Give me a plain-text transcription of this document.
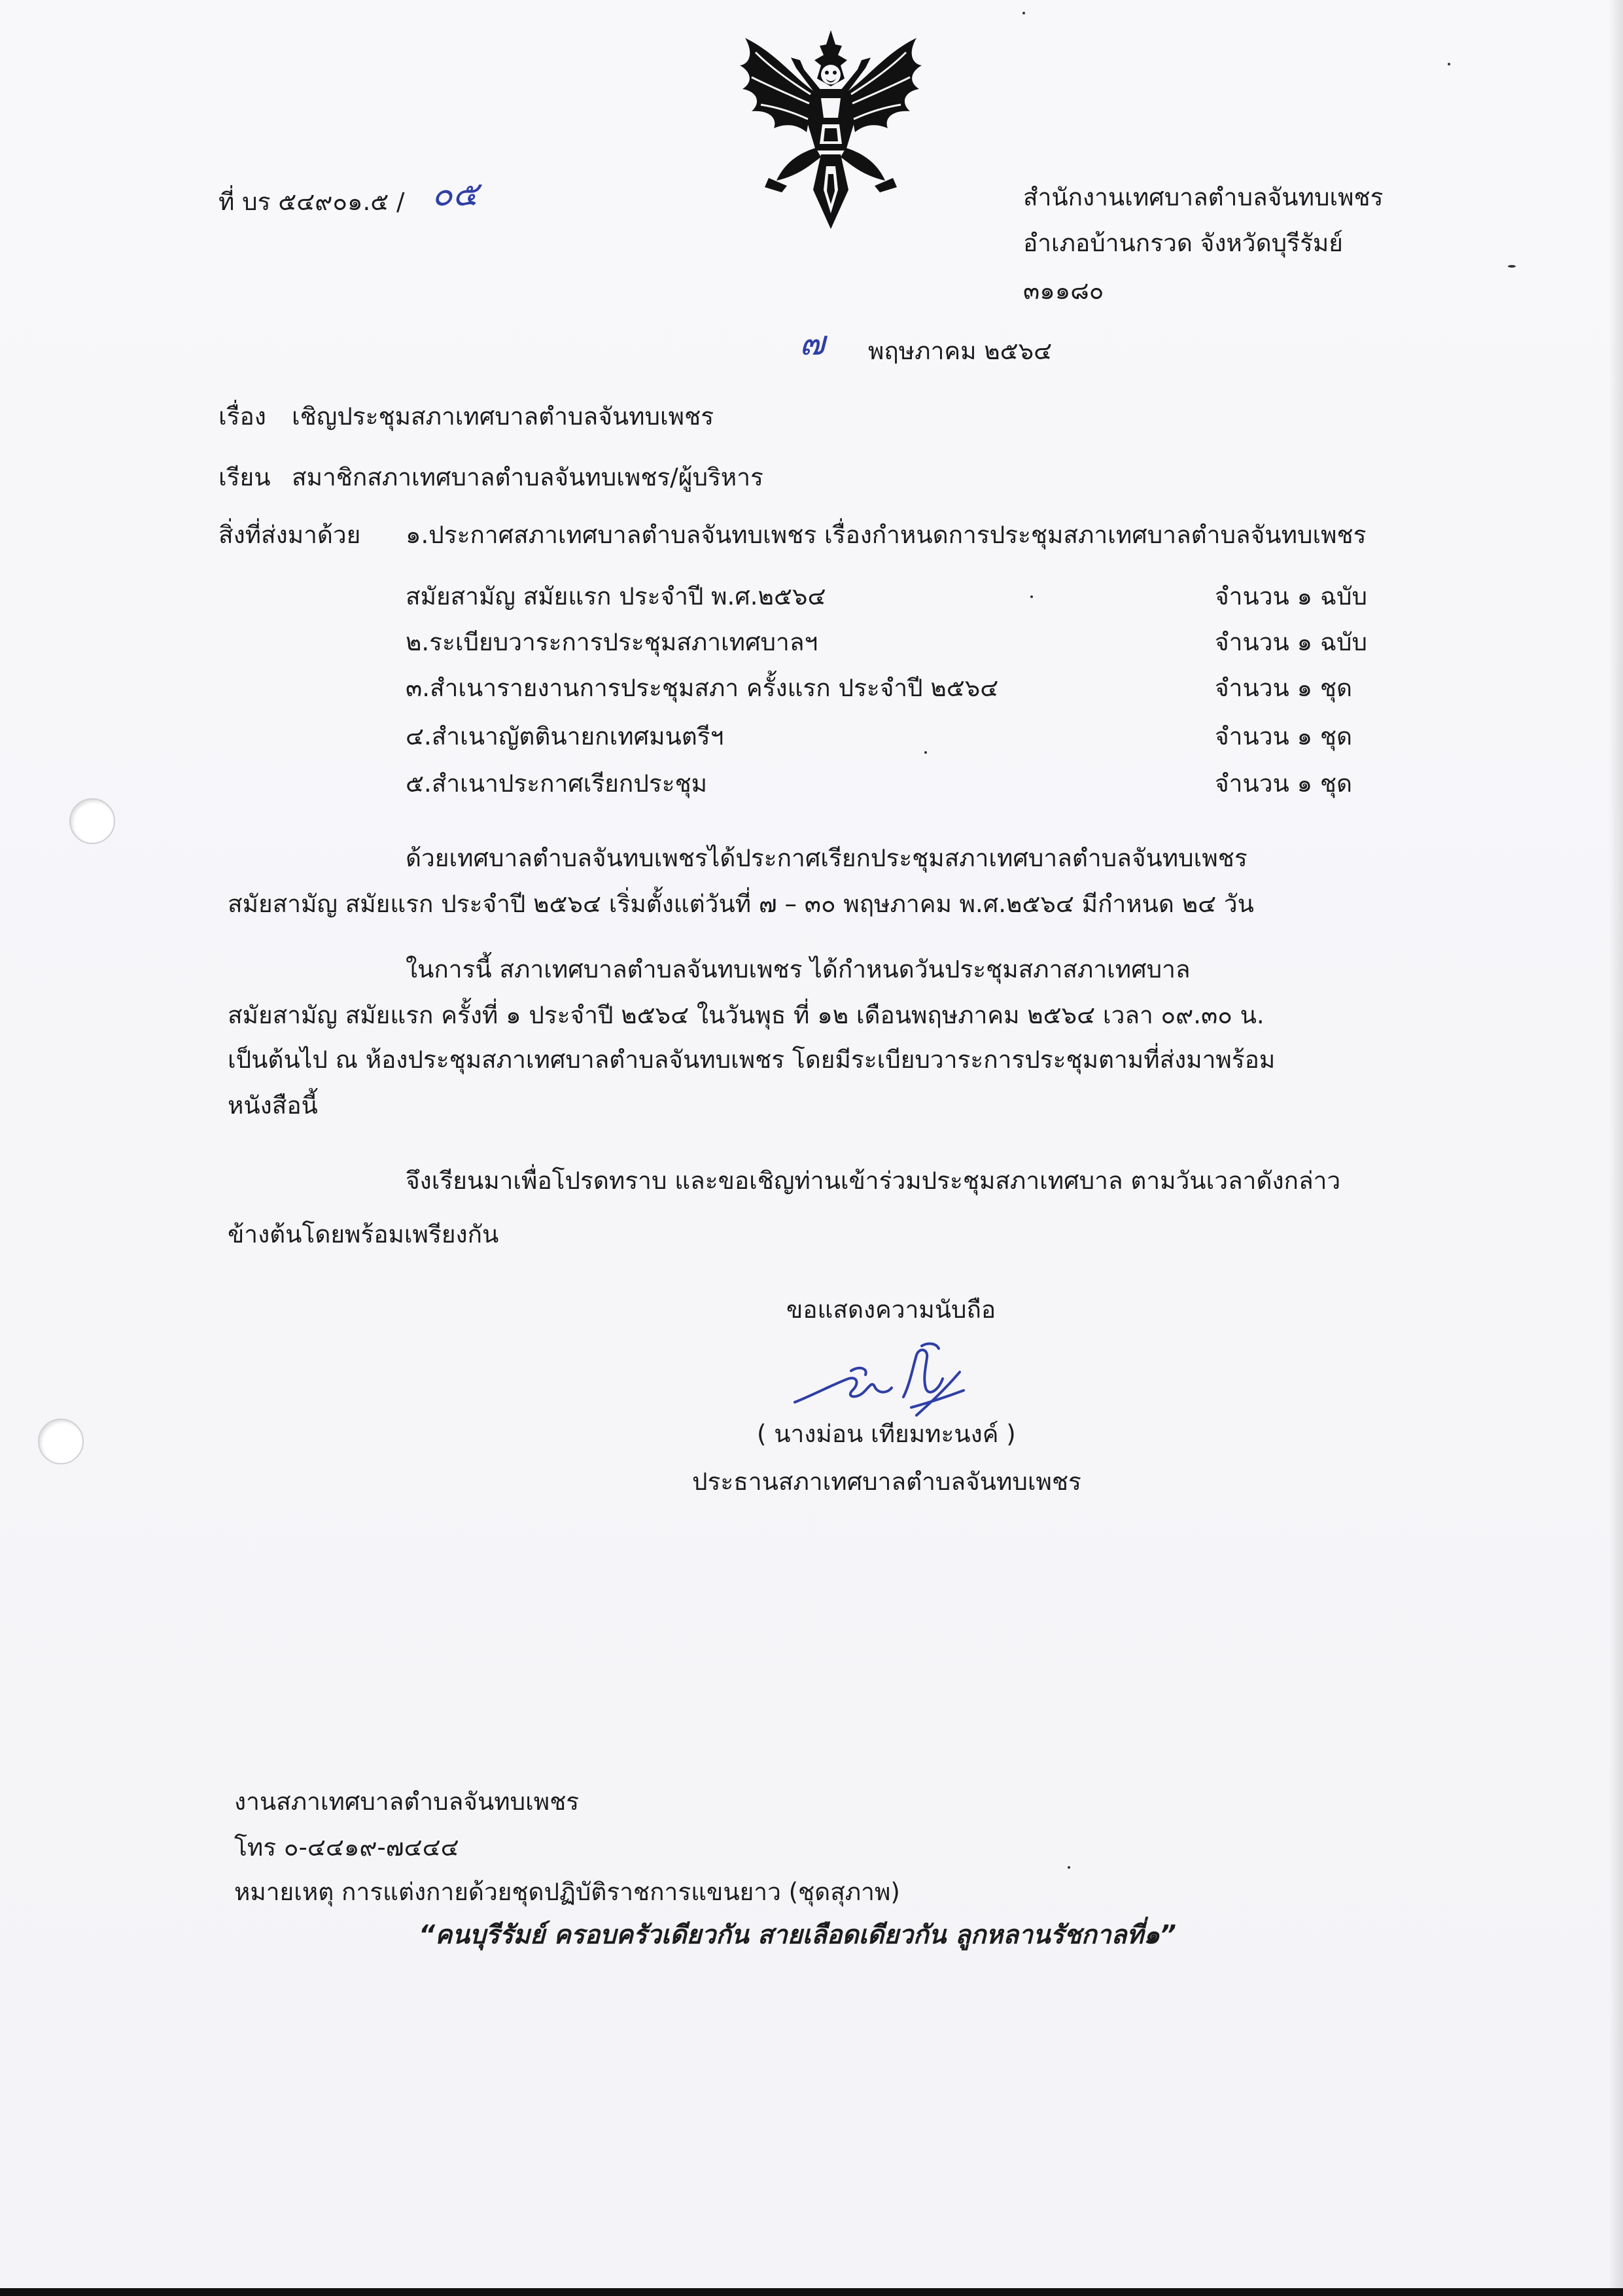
ที่ บร ๕๔๙๐๑.๕ / ๐๕	สำนักงานเทศบาลตำบลจันทบเพชร
อำเภอบ้านกรวด จังหวัดบุรีรัมย์
๓๑๑๘๐
๗ พฤษภาคม ๒๕๖๔
เรื่อง เชิญประชุมสภาเทศบาลตำบลจันทบเพชร
เรียน สมาชิกสภาเทศบาลตำบลจันทบเพชร/ผู้บริหาร
สิ่งที่ส่งมาด้วย ๑.ประกาศสภาเทศบาลตำบลจันทบเพชร เรื่องกำหนดการประชุมสภาเทศบาลตำบลจันทบเพชร
สมัยสามัญ สมัยแรก ประจำปี พ.ศ.๒๕๖๔	จำนวน ๑ ฉบับ
๒.ระเบียบวาระการประชุมสภาเทศบาลฯ	จำนวน ๑ ฉบับ
๓.สำเนารายงานการประชุมสภา ครั้งแรก ประจำปี ๒๕๖๔	จำนวน ๑ ชุด
๔.สำเนาญัตตินายกเทศมนตรีฯ	จำนวน ๑ ชุด
๕.สำเนาประกาศเรียกประชุม	จำนวน ๑ ชุด
ด้วยเทศบาลตำบลจันทบเพชรได้ประกาศเรียกประชุมสภาเทศบาลตำบลจันทบเพชร
สมัยสามัญ สมัยแรก ประจำปี ๒๕๖๔ เริ่มตั้งแต่วันที่ ๗ – ๓๐ พฤษภาคม พ.ศ.๒๕๖๔ มีกำหนด ๒๔ วัน
ในการนี้ สภาเทศบาลตำบลจันทบเพชร ได้กำหนดวันประชุมสภาสภาเทศบาล
สมัยสามัญ สมัยแรก ครั้งที่ ๑ ประจำปี ๒๕๖๔ ในวันพุธ ที่ ๑๒ เดือนพฤษภาคม ๒๕๖๔ เวลา ๐๙.๓๐ น.
เป็นต้นไป ณ ห้องประชุมสภาเทศบาลตำบลจันทบเพชร โดยมีระเบียบวาระการประชุมตามที่ส่งมาพร้อม
หนังสือนี้
จึงเรียนมาเพื่อโปรดทราบ และขอเชิญท่านเข้าร่วมประชุมสภาเทศบาล ตามวันเวลาดังกล่าว
ข้างต้นโดยพร้อมเพรียงกัน
ขอแสดงความนับถือ
( นางม่อน เทียมทะนงค์ )
ประธานสภาเทศบาลตำบลจันทบเพชร
งานสภาเทศบาลตำบลจันทบเพชร
โทร ๐-๔๔๑๙-๗๔๔๔
หมายเหตุ การแต่งกายด้วยชุดปฏิบัติราชการแขนยาว (ชุดสุภาพ)
“คนบุรีรัมย์ ครอบครัวเดียวกัน สายเลือดเดียวกัน ลูกหลานรัชกาลที่๑”
